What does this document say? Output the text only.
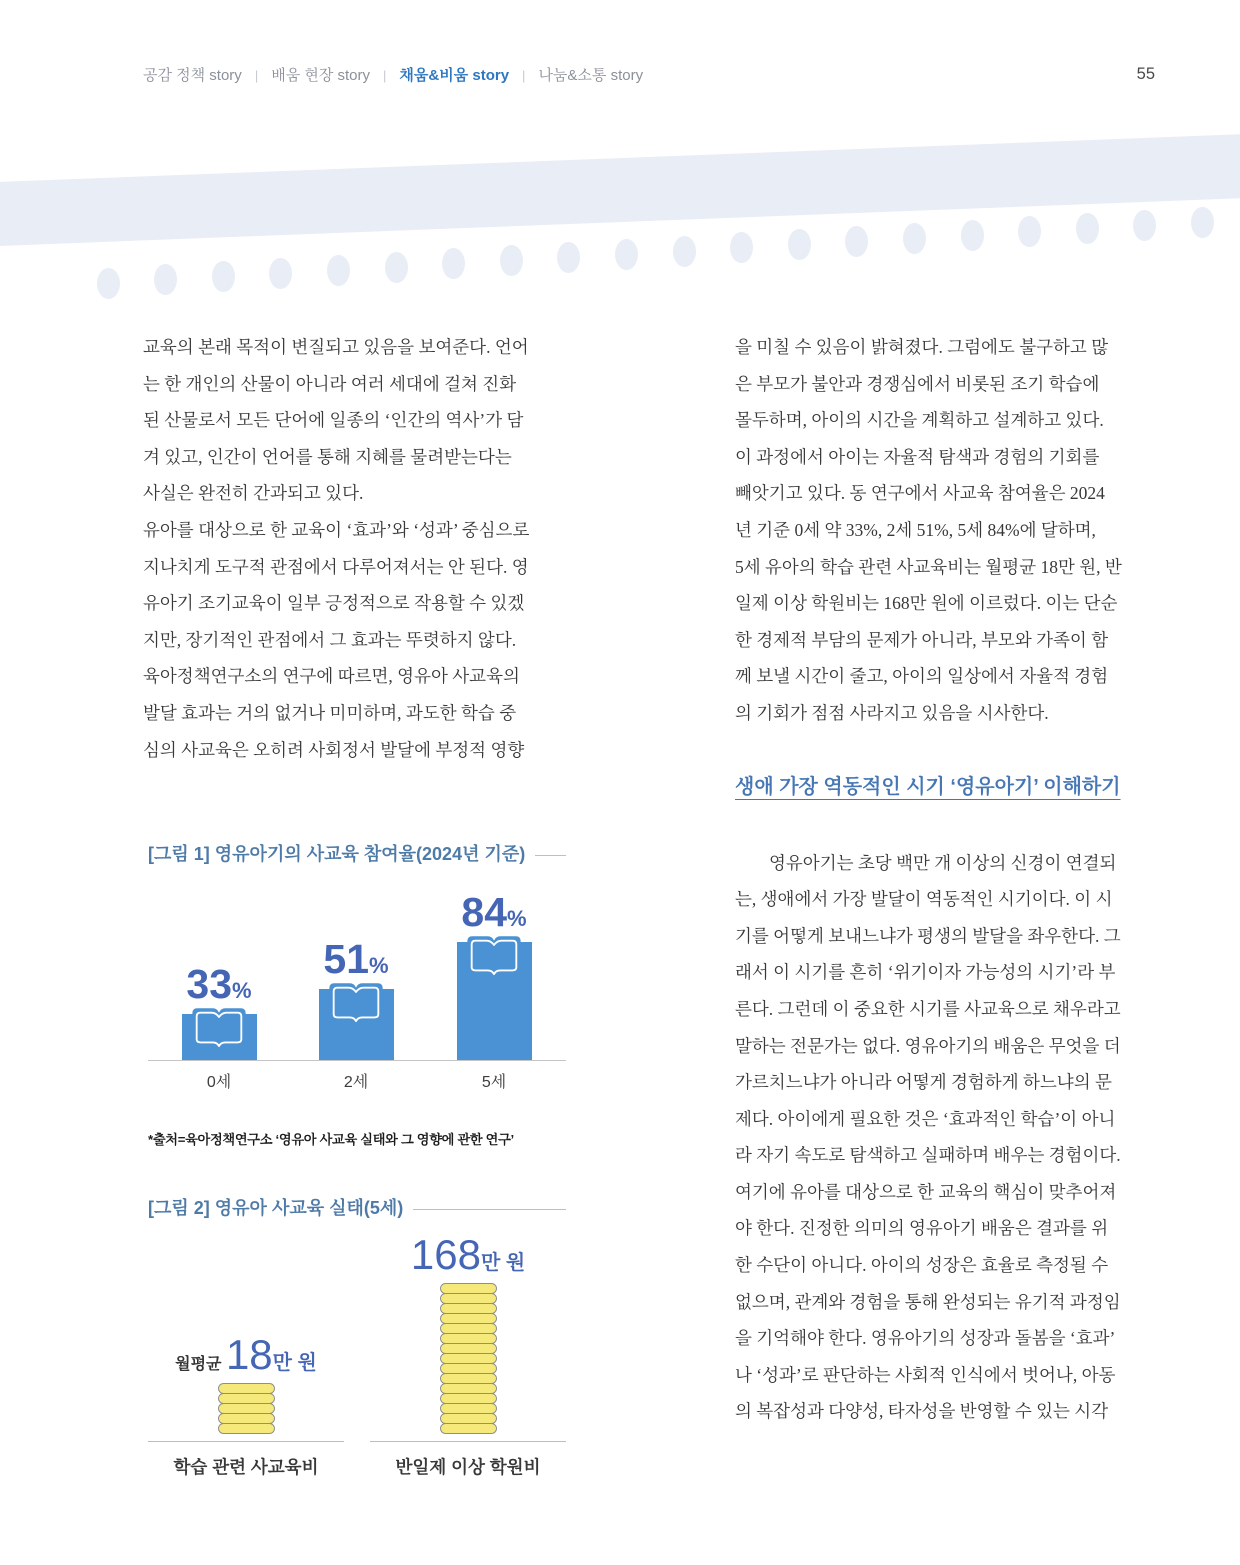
공감 정책 story | 배움 현장 story | 채움&비움 story | 나눔&소통 story	55

교육의 본래 목적이 변질되고 있음을 보여준다. 언어
는 한 개인의 산물이 아니라 여러 세대에 걸쳐 진화
된 산물로서 모든 단어에 일종의 ‘인간의 역사’가 담
겨 있고, 인간이 언어를 통해 지혜를 물려받는다는
사실은 완전히 간과되고 있다.

유아를 대상으로 한 교육이 ‘효과’와 ‘성과’ 중심으로
지나치게 도구적 관점에서 다루어져서는 안 된다. 영
유아기 조기교육이 일부 긍정적으로 작용할 수 있겠
지만, 장기적인 관점에서 그 효과는 뚜렷하지 않다.
육아정책연구소의 연구에 따르면, 영유아 사교육의
발달 효과는 거의 없거나 미미하며, 과도한 학습 중
심의 사교육은 오히려 사회정서 발달에 부정적 영향

[그림 1] 영유아기의 사교육 참여율(2024년 기준)
33%
51%
84%
0세	2세	5세
*출처=육아정책연구소 ‘영유아 사교육 실태와 그 영향에 관한 연구’
[그림 2] 영유아 사교육 실태(5세)
월평균 18만 원
학습 관련 사교육비
168만 원
반일제 이상 학원비

을 미칠 수 있음이 밝혀졌다. 그럼에도 불구하고 많
은 부모가 불안과 경쟁심에서 비롯된 조기 학습에
몰두하며, 아이의 시간을 계획하고 설계하고 있다.
이 과정에서 아이는 자율적 탐색과 경험의 기회를
빼앗기고 있다. 동 연구에서 사교육 참여율은 2024
년 기준 0세 약 33%, 2세 51%, 5세 84%에 달하며,
5세 유아의 학습 관련 사교육비는 월평균 18만 원, 반
일제 이상 학원비는 168만 원에 이르렀다. 이는 단순
한 경제적 부담의 문제가 아니라, 부모와 가족이 함
께 보낼 시간이 줄고, 아이의 일상에서 자율적 경험
의 기회가 점점 사라지고 있음을 시사한다.

생애 가장 역동적인 시기 ‘영유아기’ 이해하기

영유아기는 초당 백만 개 이상의 신경이 연결되
는, 생애에서 가장 발달이 역동적인 시기이다. 이 시
기를 어떻게 보내느냐가 평생의 발달을 좌우한다. 그
래서 이 시기를 흔히 ‘위기이자 가능성의 시기’라 부
른다. 그런데 이 중요한 시기를 사교육으로 채우라고
말하는 전문가는 없다. 영유아기의 배움은 무엇을 더
가르치느냐가 아니라 어떻게 경험하게 하느냐의 문
제다. 아이에게 필요한 것은 ‘효과적인 학습’이 아니
라 자기 속도로 탐색하고 실패하며 배우는 경험이다.
여기에 유아를 대상으로 한 교육의 핵심이 맞추어져
야 한다. 진정한 의미의 영유아기 배움은 결과를 위
한 수단이 아니다. 아이의 성장은 효율로 측정될 수
없으며, 관계와 경험을 통해 완성되는 유기적 과정임
을 기억해야 한다. 영유아기의 성장과 돌봄을 ‘효과’
나 ‘성과’로 판단하는 사회적 인식에서 벗어나, 아동
의 복잡성과 다양성, 타자성을 반영할 수 있는 시각
